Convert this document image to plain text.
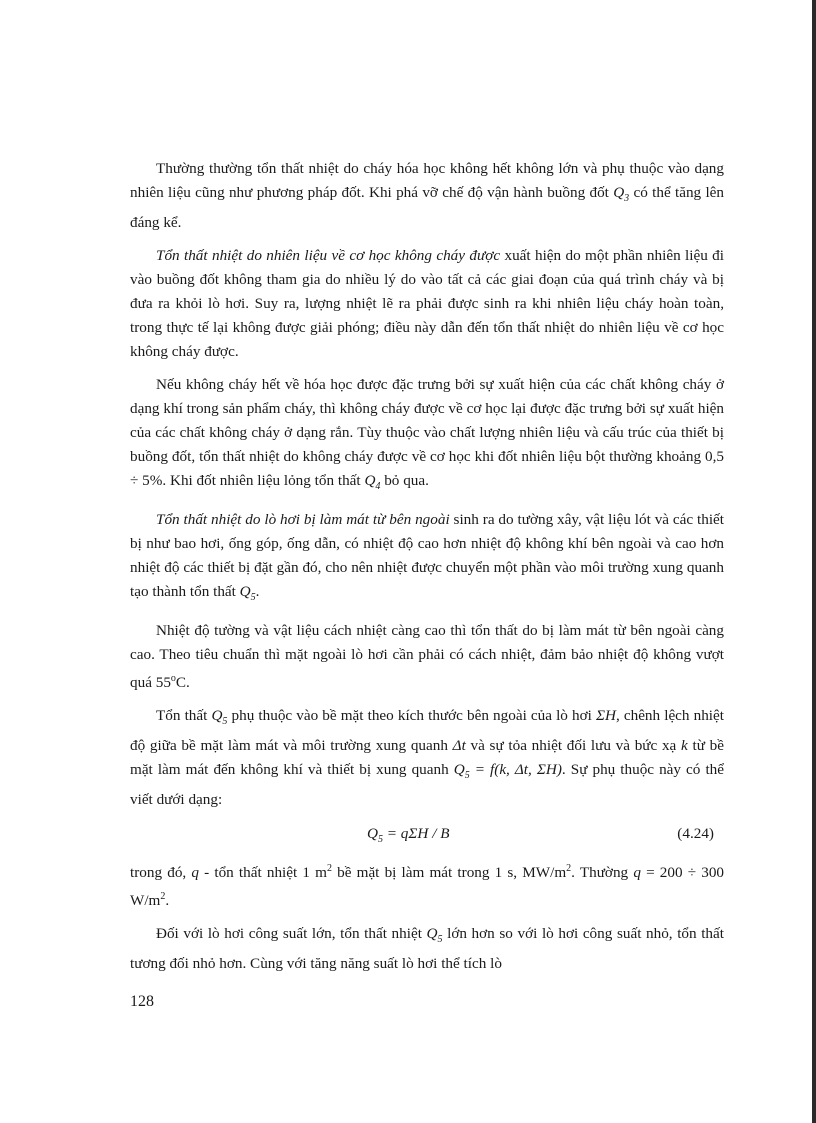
Thường thường tổn thất nhiệt do cháy hóa học không hết không lớn và phụ thuộc vào dạng nhiên liệu cũng như phương pháp đốt. Khi phá vỡ chế độ vận hành buồng đốt $Q_3$ có thể tăng lên đáng kể.

Tổn thất nhiệt do nhiên liệu về cơ học không cháy được xuất hiện do một phần nhiên liệu đi vào buồng đốt không tham gia do nhiều lý do vào tất cả các giai đoạn của quá trình cháy và bị đưa ra khỏi lò hơi. Suy ra, lượng nhiệt lẽ ra phải được sinh ra khi nhiên liệu cháy hoàn toàn, trong thực tế lại không được giải phóng; điều này dẫn đến tổn thất nhiệt do nhiên liệu về cơ học không cháy được.

Nếu không cháy hết về hóa học được đặc trưng bởi sự xuất hiện của các chất không cháy ở dạng khí trong sản phẩm cháy, thì không cháy được về cơ học lại được đặc trưng bởi sự xuất hiện của các chất không cháy ở dạng rắn. Tùy thuộc vào chất lượng nhiên liệu và cấu trúc của thiết bị buồng đốt, tổn thất nhiệt do không cháy được về cơ học khi đốt nhiên liệu bột thường khoảng 0,5 ÷ 5%. Khi đốt nhiên liệu lỏng tổn thất $Q_4$ bỏ qua.

Tổn thất nhiệt do lò hơi bị làm mát từ bên ngoài sinh ra do tường xây, vật liệu lót và các thiết bị như bao hơi, ống góp, ống dẫn, có nhiệt độ cao hơn nhiệt độ không khí bên ngoài và cao hơn nhiệt độ các thiết bị đặt gần đó, cho nên nhiệt được chuyển một phần vào môi trường xung quanh tạo thành tổn thất $Q_5$.

Nhiệt độ tường và vật liệu cách nhiệt càng cao thì tổn thất do bị làm mát từ bên ngoài càng cao. Theo tiêu chuẩn thì mặt ngoài lò hơi cần phải có cách nhiệt, đảm bảo nhiệt độ không vượt quá 55$^o$C.

Tổn thất $Q_5$ phụ thuộc vào bề mặt theo kích thước bên ngoài của lò hơi ΣH, chênh lệch nhiệt độ giữa bề mặt làm mát và môi trường xung quanh Δt và sự tỏa nhiệt đối lưu và bức xạ k từ bề mặt làm mát đến không khí và thiết bị xung quanh $Q_5 = f(k$, Δt, ΣH). Sự phụ thuộc này có thể viết dưới dạng:

$Q_5 = q\Sigma H / B$	(4.24)

trong đó, q - tổn thất nhiệt 1 $m^2$ bề mặt bị làm mát trong 1 s, $MW/m^2$. Thường q = 200 ÷ 300 $W/m^2$.

Đối với lò hơi công suất lớn, tổn thất nhiệt $Q_5$ lớn hơn so với lò hơi công suất nhỏ, tổn thất tương đối nhỏ hơn. Cùng với tăng năng suất lò hơi thể tích lò

128
